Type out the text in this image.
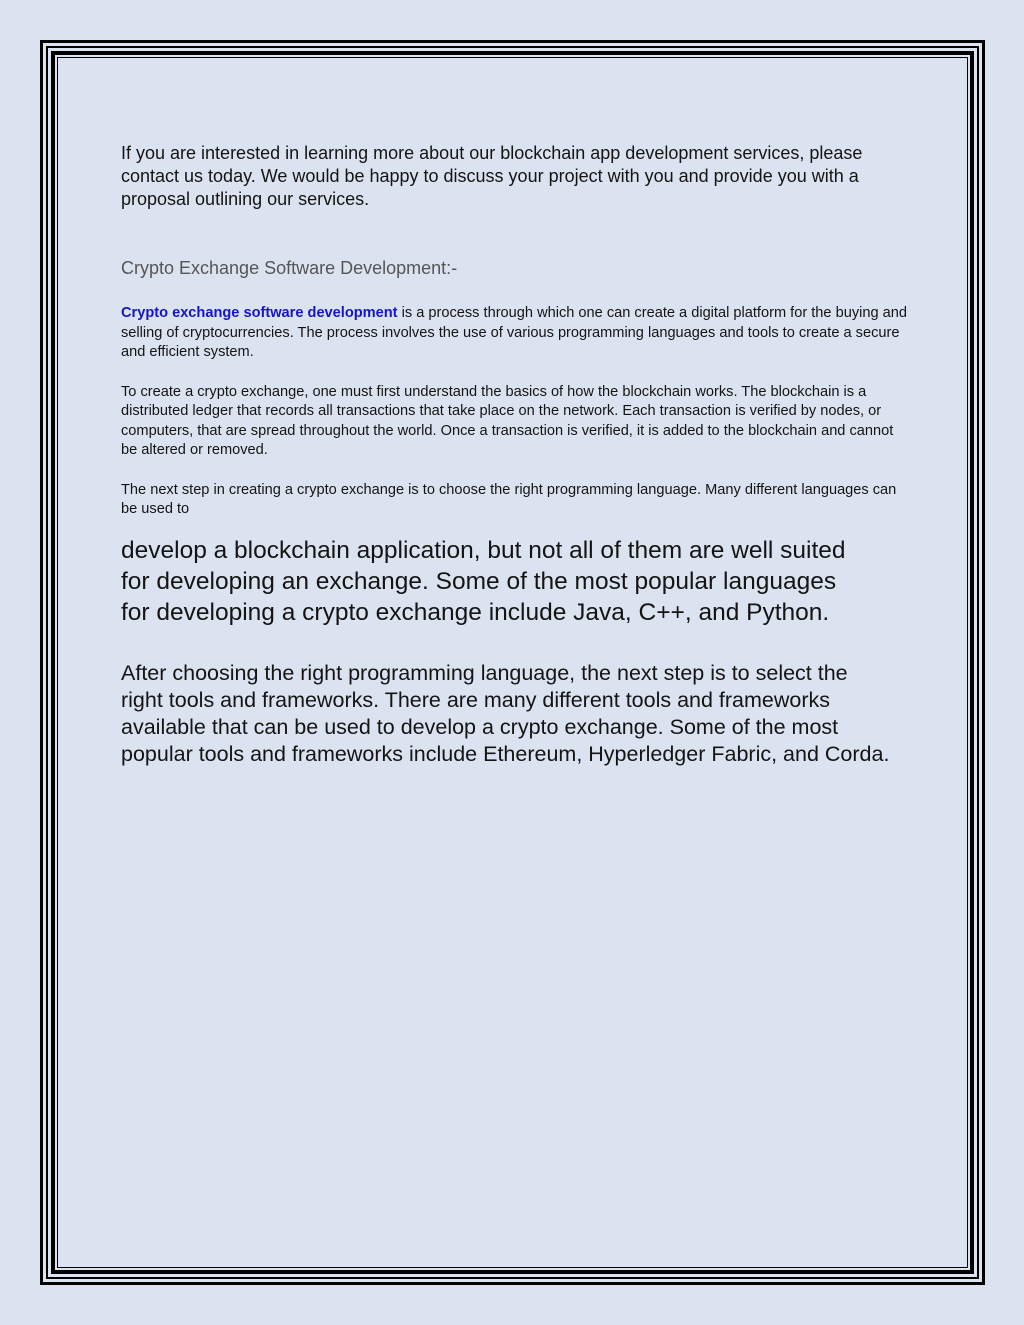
If you are interested in learning more about our blockchain app development services, please contact us today. We would be happy to discuss your project with you and provide you with a proposal outlining our services.

Crypto Exchange Software Development:-

Crypto exchange software development is a process through which one can create a digital platform for the buying and selling of cryptocurrencies. The process involves the use of various programming languages and tools to create a secure and efficient system.

To create a crypto exchange, one must first understand the basics of how the blockchain works. The blockchain is a distributed ledger that records all transactions that take place on the network. Each transaction is verified by nodes, or computers, that are spread throughout the world. Once a transaction is verified, it is added to the blockchain and cannot be altered or removed.

The next step in creating a crypto exchange is to choose the right programming language. Many different languages can be used to

develop a blockchain application, but not all of them are well suited for developing an exchange. Some of the most popular languages for developing a crypto exchange include Java, C++, and Python.

After choosing the right programming language, the next step is to select the right tools and frameworks. There are many different tools and frameworks available that can be used to develop a crypto exchange. Some of the most popular tools and frameworks include Ethereum, Hyperledger Fabric, and Corda.
